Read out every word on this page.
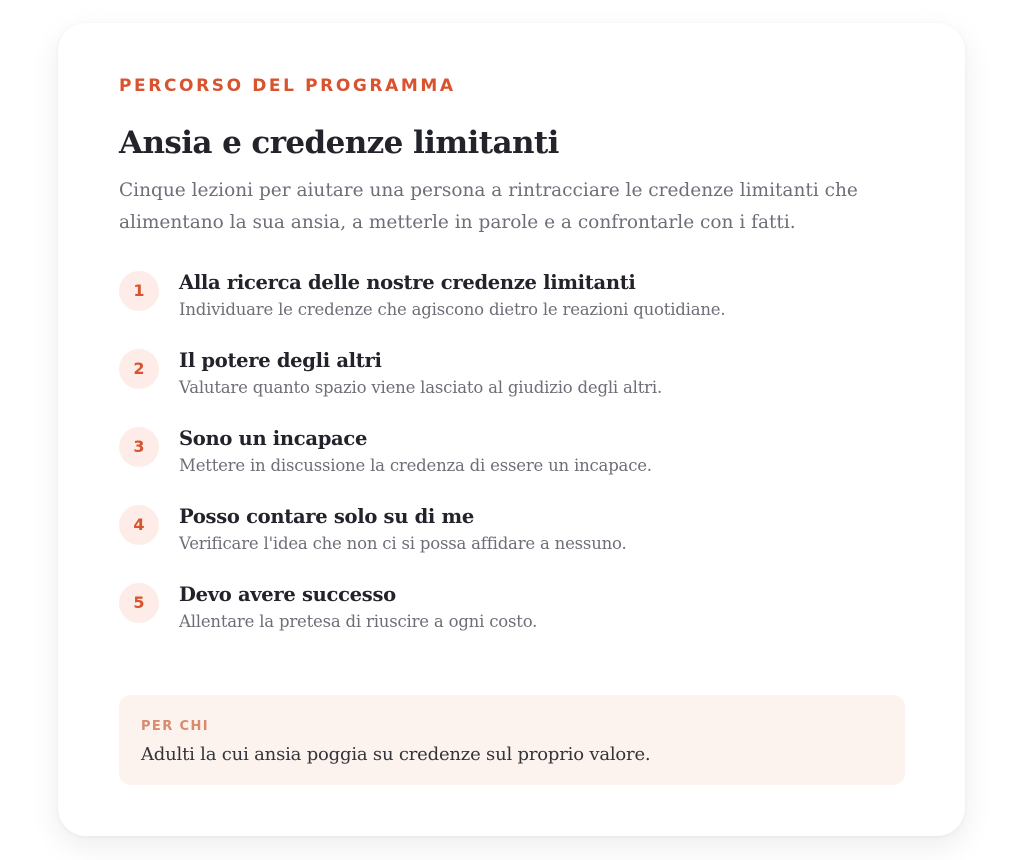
PERCORSO DEL PROGRAMMA

Ansia e credenze limitanti

Cinque lezioni per aiutare una persona a rintracciare le credenze limitanti che alimentano la sua ansia, a metterle in parole e a confrontarle con i fatti.

1	Alla ricerca delle nostre credenze limitanti

Individuare le credenze che agiscono dietro le reazioni quotidiane.

2	Il potere degli altri

Valutare quanto spazio viene lasciato al giudizio degli altri.

3	Sono un incapace

Mettere in discussione la credenza di essere un incapace.

4	Posso contare solo su di me

Verificare l'idea che non ci si possa affidare a nessuno.

5	Devo avere successo

Allentare la pretesa di riuscire a ogni costo.

PER CHI

Adulti la cui ansia poggia su credenze sul proprio valore.
